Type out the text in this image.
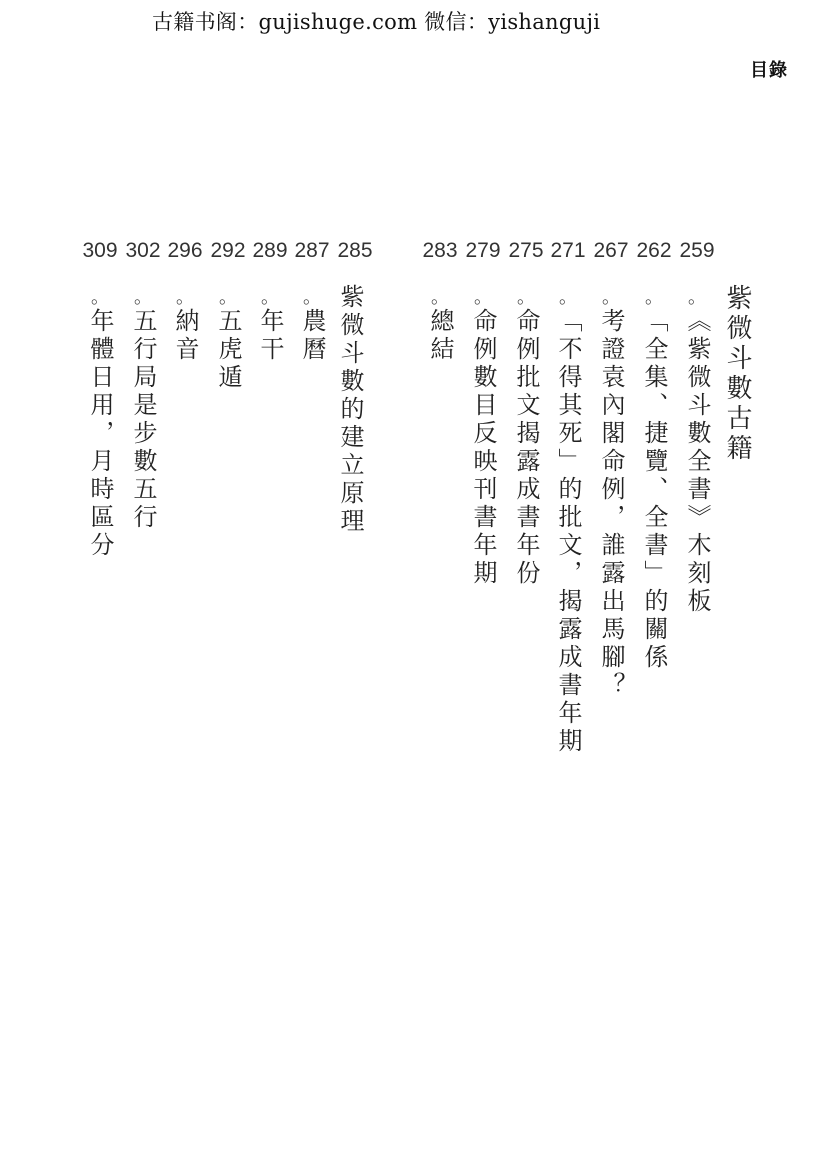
古籍书阁：gujishuge.com 微信：yishanguji
目錄
紫微斗數古籍
259
。
《紫微斗數全書》木刻板
262
。
「全集、捷覽、全書」的關係
267
。
考證袁內閣命例，誰露出馬腳？
271
。
「不得其死」的批文，揭露成書年期
275
。
命例批文揭露成書年份
279
。
命例數目反映刊書年期
283
。
總結
285
紫微斗數的建立原理
287
。
農曆
289
。
年干
292
。
五虎遁
296
。
納音
302
。
五行局是步數五行
309
。
年體日用，月時區分
